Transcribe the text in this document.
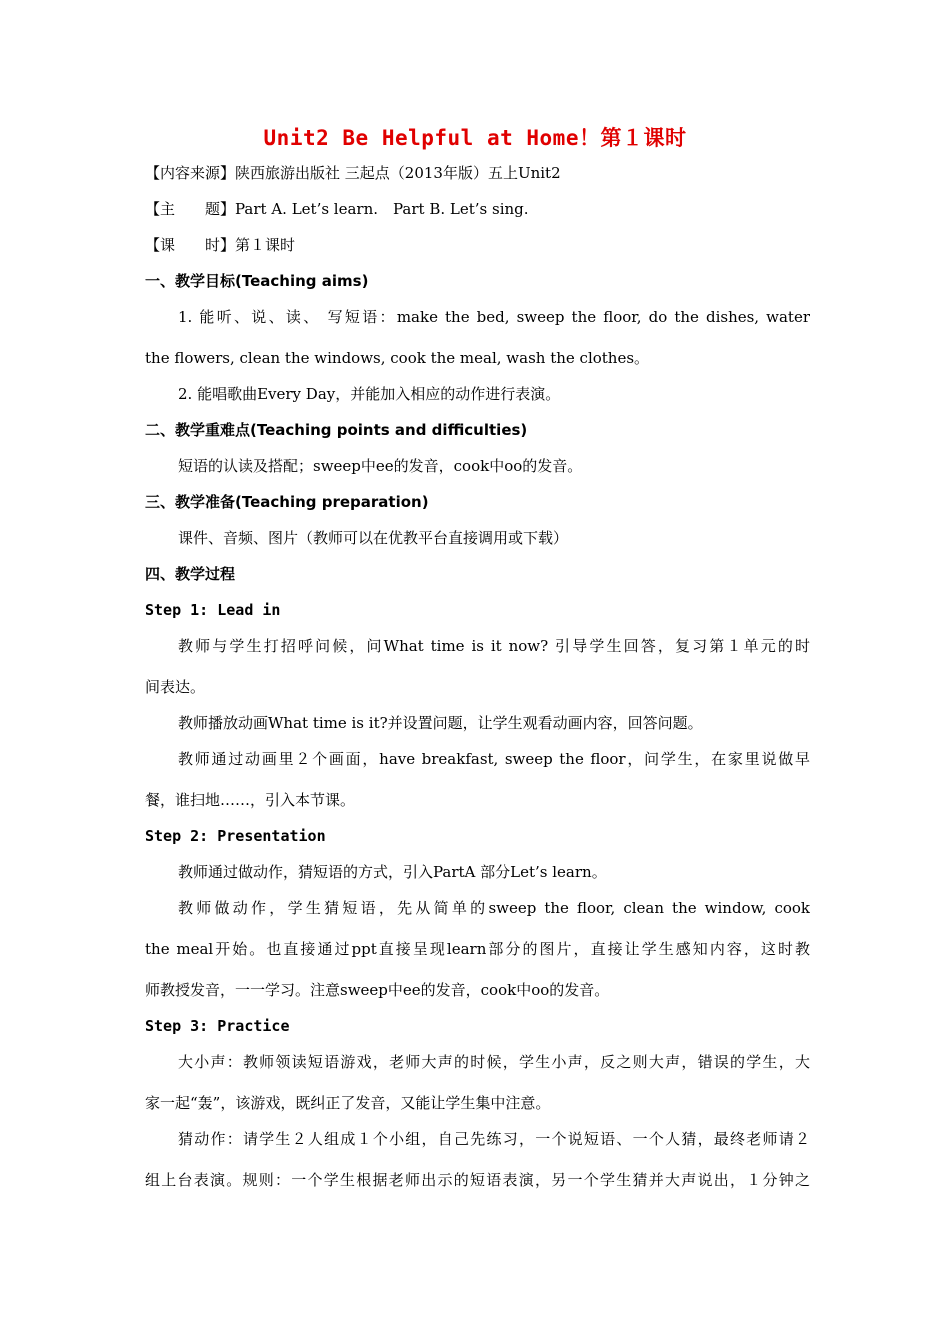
Unit2 Be Helpful at Home！第１课时
【内容来源】陕西旅游出版社 三起点（2013年版）五上Unit2
【主　　题】Part A. Let’s learn.　Part B. Let’s sing.
【课　　时】第１课时
一、教学目标(Teaching aims)
1. 能听、说、读、 写短语：make the bed, sweep the floor, do the dishes, water
the flowers, clean the windows, cook the meal, wash the clothes。
2. 能唱歌曲Every Day，并能加入相应的动作进行表演。
二、教学重难点(Teaching points and difficulties)
短语的认读及搭配；sweep中ee的发音，cook中oo的发音。
三、教学准备(Teaching preparation)
课件、音频、图片（教师可以在优教平台直接调用或下载）
四、教学过程
Step 1: Lead in
教师与学生打招呼问候，问What time is it now? 引导学生回答，复习第１单元的时
间表达。
教师播放动画What time is it?并设置问题，让学生观看动画内容，回答问题。
教师通过动画里２个画面，have breakfast, sweep the floor，问学生，在家里说做早
餐，谁扫地……，引入本节课。
Step 2: Presentation
教师通过做动作，猜短语的方式，引入PartA 部分Let’s learn。
教师做动作，学生猜短语，先从简单的sweep the floor, clean the window, cook
the meal开始。也直接通过ppt直接呈现learn部分的图片，直接让学生感知内容，这时教
师教授发音，一一学习。注意sweep中ee的发音，cook中oo的发音。
Step 3: Practice
大小声：教师领读短语游戏，老师大声的时候，学生小声，反之则大声，错误的学生，大
家一起“轰”，该游戏，既纠正了发音，又能让学生集中注意。
猜动作：请学生２人组成１个小组，自己先练习，一个说短语、一个人猜，最终老师请２
组上台表演。规则：一个学生根据老师出示的短语表演，另一个学生猜并大声说出，１分钟之
